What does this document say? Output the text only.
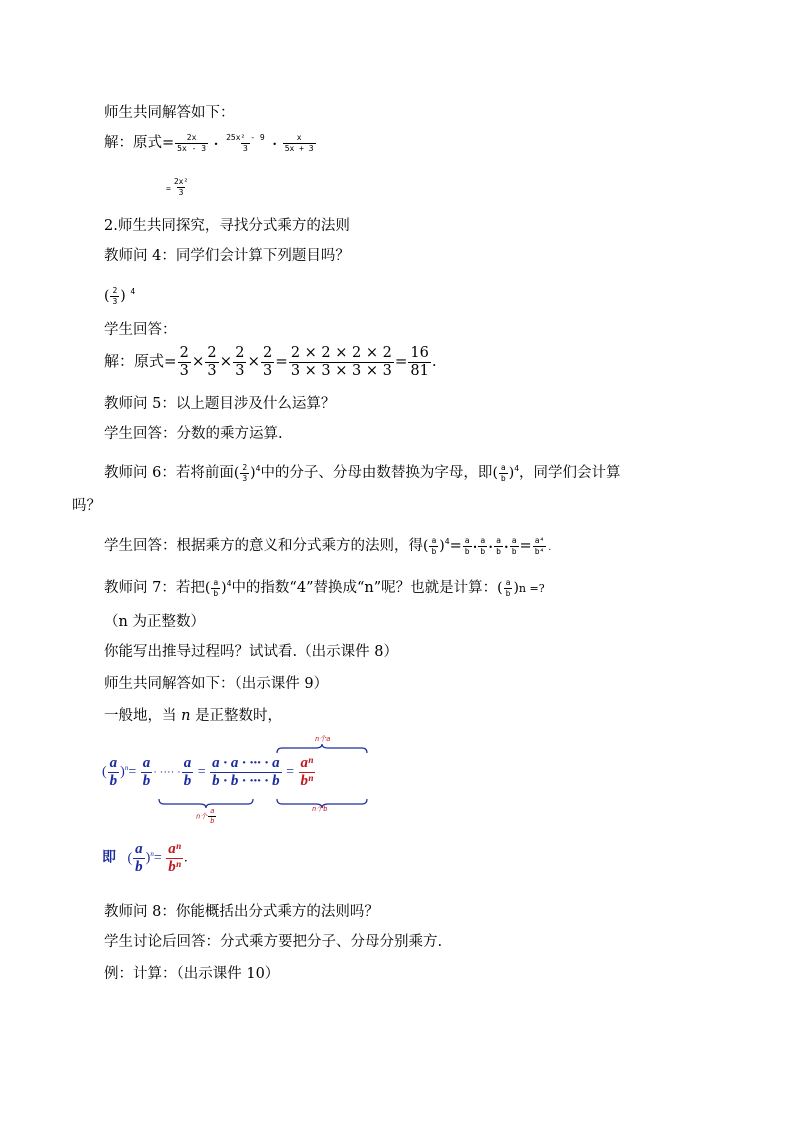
师生共同解答如下：
解：原式= $\frac{2x}{5x - 3}$ • $\frac{\text{25x² - 9}}{3}$ • $\frac{x}{5x + 3}$
= $\frac{\text{2x²}}{3}$
2.师生共同探究，寻找分式乘方的法则
教师问 4：同学们会计算下列题目吗？
( $\frac{2}{3}$ ) $^4$
学生回答：
解：原式= $\frac{2}{3} \times \frac{2}{3} \times \frac{2}{3} \times \frac{2}{3} = \frac{2 \times 2 \times 2 \times 2}{3 \times 3 \times 3 \times 3} = \frac{16}{81}$ .
教师问 5：以上题目涉及什么运算？
学生回答：分数的乘方运算.
教师问 6：若将前面( $\frac{2}{3} )^4$中的分子、分母由数替换为字母，即( $\frac{a}{b} )^4$，同学们会计算
吗？
学生回答：根据乘方的意义和分式乘方的法则，得( $\frac{a}{b} )^4= \frac{a}{b}$ • $\frac{a}{b}$ • $\frac{a}{b}$ • $\frac{a}{b} = \frac{\text{a⁴}}{\text{b⁴}}$ .
教师问 7：若把( $\frac{a}{b} )^4$中的指数“4”替换成“n”呢？也就是计算：( $\frac{a}{b} )n$ =?
（n 为正整数）
你能写出推导过程吗？试试看.（出示课件 8）
师生共同解答如下：（出示课件 9）
一般地，当 n 是正整数时，
n个a
( $\frac{a}{b} )^n= \frac{a}{b}$ · ···· · $\frac{a}{b} = \frac{a \cdot a \cdot \cdot\cdot\cdot \cdot a}{b \cdot b \cdot \cdot\cdot\cdot \cdot b} = \frac{\text{aⁿ}}{\text{bⁿ}}$
n个b
n个 $\frac{a}{b}$
即 ( $\frac{a}{b} )^n= \frac{\text{aⁿ}}{\text{bⁿ}}$ .
教师问 8：你能概括出分式乘方的法则吗？
学生讨论后回答：分式乘方要把分子、分母分别乘方.
例：计算：（出示课件 10）
